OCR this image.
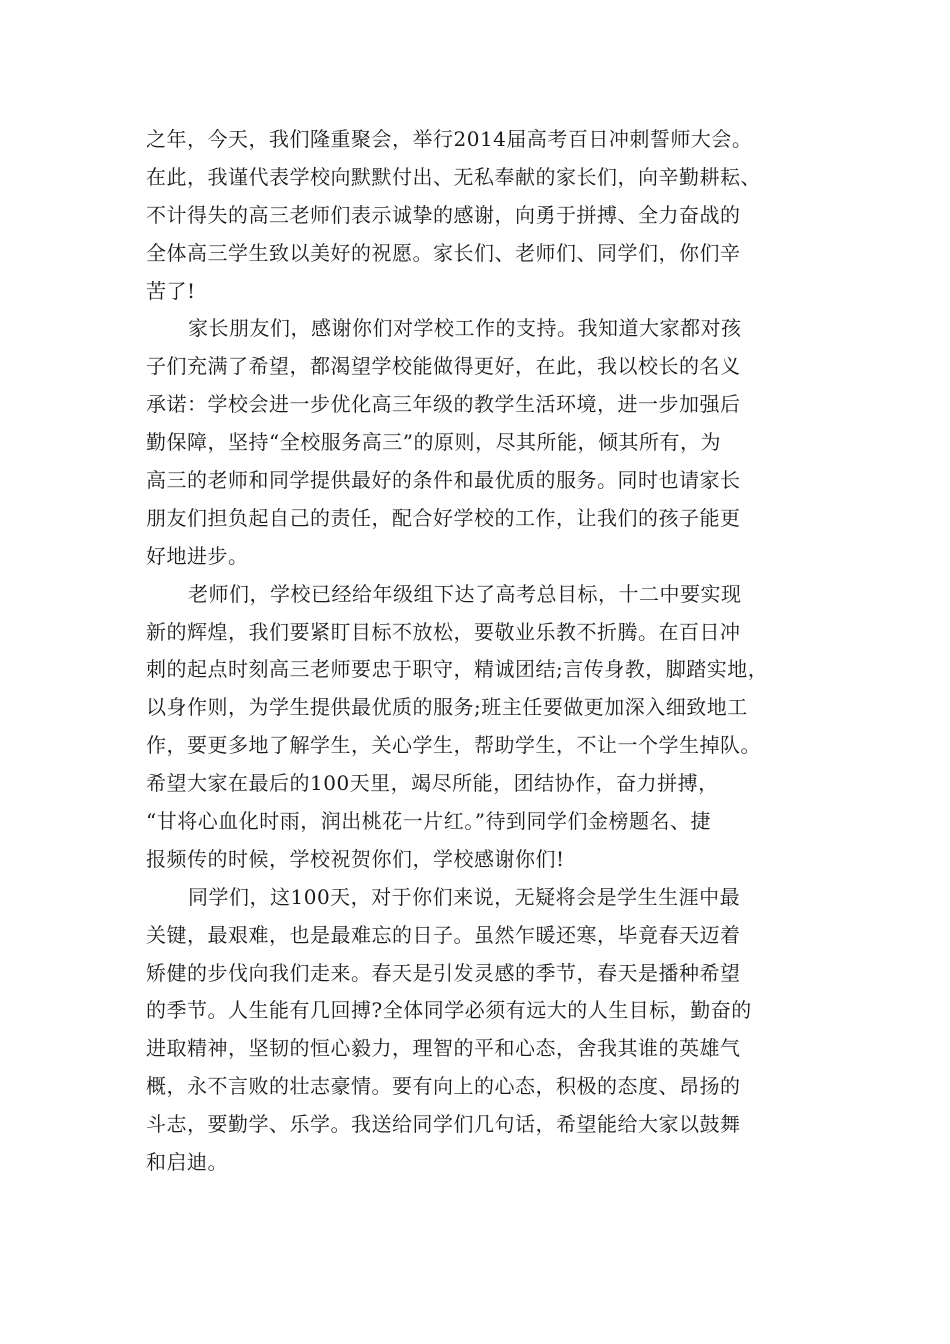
之年，今天，我们隆重聚会，举行2014届高考百日冲刺誓师大会。
在此，我谨代表学校向默默付出、无私奉献的家长们，向辛勤耕耘、
不计得失的高三老师们表示诚挚的感谢，向勇于拼搏、全力奋战的
全体高三学生致以美好的祝愿。家长们、老师们、同学们，你们辛
苦了!
家长朋友们，感谢你们对学校工作的支持。我知道大家都对孩
子们充满了希望，都渴望学校能做得更好，在此，我以校长的名义
承诺：学校会进一步优化高三年级的教学生活环境，进一步加强后
勤保障，坚持“全校服务高三”的原则，尽其所能，倾其所有，为
高三的老师和同学提供最好的条件和最优质的服务。同时也请家长
朋友们担负起自己的责任，配合好学校的工作，让我们的孩子能更
好地进步。
老师们，学校已经给年级组下达了高考总目标，十二中要实现
新的辉煌，我们要紧盯目标不放松，要敬业乐教不折腾。在百日冲
刺的起点时刻高三老师要忠于职守，精诚团结;言传身教，脚踏实地，
以身作则，为学生提供最优质的服务;班主任要做更加深入细致地工
作，要更多地了解学生，关心学生，帮助学生，不让一个学生掉队。
希望大家在最后的100天里，竭尽所能，团结协作，奋力拼搏，
“甘将心血化时雨，润出桃花一片红。”待到同学们金榜题名、捷
报频传的时候，学校祝贺你们，学校感谢你们!
同学们，这100天，对于你们来说，无疑将会是学生生涯中最
关键，最艰难，也是最难忘的日子。虽然乍暖还寒，毕竟春天迈着
矫健的步伐向我们走来。春天是引发灵感的季节，春天是播种希望
的季节。人生能有几回搏?全体同学必须有远大的人生目标，勤奋的
进取精神，坚韧的恒心毅力，理智的平和心态，舍我其谁的英雄气
概，永不言败的壮志豪情。要有向上的心态，积极的态度、昂扬的
斗志，要勤学、乐学。我送给同学们几句话，希望能给大家以鼓舞
和启迪。
